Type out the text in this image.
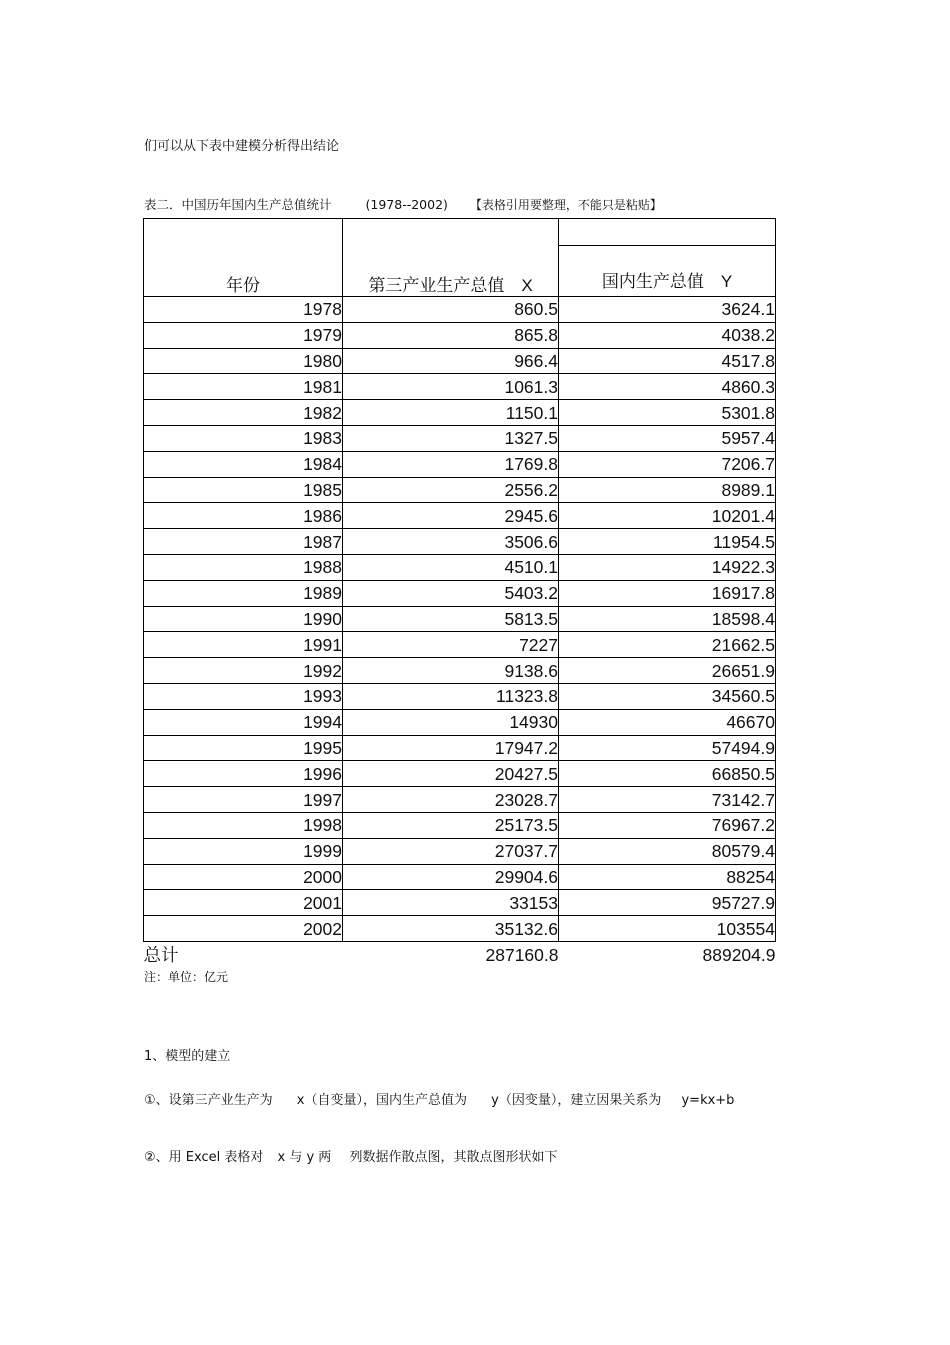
们可以从下表中建模分析得出结论
表二．中国历年国内生产总值统计	(1978--2002) 【表格引用要整理，不能只是粘贴】
年份	第三产业生产总值　X	国内生产总值　Y

1978	860.5	3624.1
1979	865.8	4038.2
1980	966.4	4517.8
1981	1061.3	4860.3
1982	1150.1	5301.8
1983	1327.5	5957.4
1984	1769.8	7206.7
1985	2556.2	8989.1
1986	2945.6	10201.4
1987	3506.6	11954.5
1988	4510.1	14922.3
1989	5403.2	16917.8
1990	5813.5	18598.4
1991	7227	21662.5
1992	9138.6	26651.9
1993	11323.8	34560.5
1994	14930	46670
1995	17947.2	57494.9
1996	20427.5	66850.5
1997	23028.7	73142.7
1998	25173.5	76967.2
1999	27037.7	80579.4
2000	29904.6	88254
2001	33153	95727.9
2002	35132.6	103554
总计	287160.8	889204.9
注：单位：亿元
1、模型的建立
①、设第三产业生产为 x（自变量），国内生产总值为 y（因变量），建立因果关系为 y=kx+b
②、用 Excel 表格对 x 与 y 两 列数据作散点图，其散点图形状如下
